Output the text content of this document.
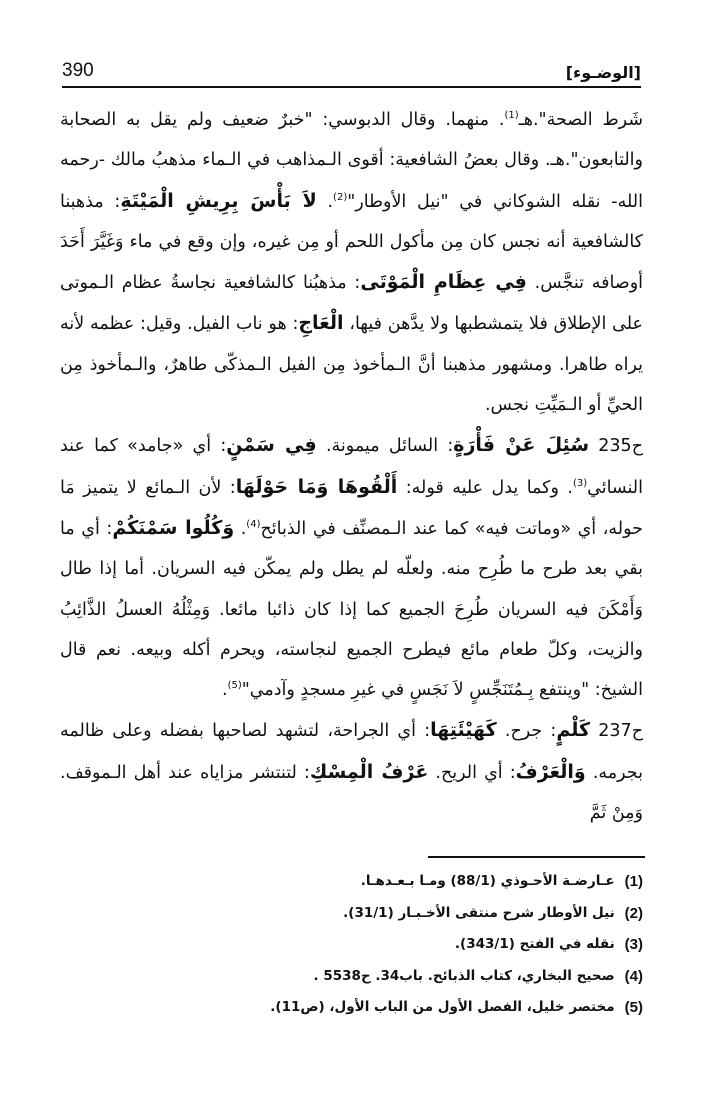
390	[الوضـوء]

شَرط الصحة".هـ$^{(1)}$. منهما. وقال الدبوسي: "خبرٌ ضعيف ولم يقل به الصحابة والتابعون".هـ. وقال بعضُ الشافعية: أقوى الـمذاهب في الـماء مذهبُ مالك -رحمه الله- نقله الشوكاني في "نيل الأوطار"$^{(2)}$. لاَ بَأْسَ بِرِيشِ الْمَيْتَةِ: مذهبنا كالشافعية أنه نجس كان مِن مأكول اللحم أو مِن غيره، وإن وقع في ماء وَغَيَّرَ أَحَدَ أوصافه تنجَّس. فِي عِظَامِ الْمَوْتَى: مذهبُنا كالشافعية نجاسةُ عظام الـموتى على الإطلاق فلا يتمشطبها ولا يدَّهن فيها، الْعَاجِ: هو ناب الفيل. وقيل: عظمه لأنه يراه طاهرا. ومشهور مذهبنا أنَّ الـمأخوذ مِن الفيل الـمذكّى طاهرٌ، والـمأخوذ مِن الحيِّ أو الـمَيِّتِ نجس.

ح235 سُئِلَ عَنْ فَأْرَةٍ: السائل ميمونة. فِي سَمْنٍ: أي «جامد» كما عند النسائي$^{(3)}$. وكما يدل عليه قوله: أَلْقُوهَا وَمَا حَوْلَهَا: لأن الـمائع لا يتميز مَا حوله، أي «وماتت فيه» كما عند الـمصنِّف في الذبائح$^{(4)}$. وَكُلُوا سَمْنَكُمْ: أي ما بقي بعد طرح ما طُرِح منه. ولعلّه لم يطل ولم يمكّن فيه السريان. أما إذا طال وَأَمْكَنَ فيه السريان طُرِحَ الجميع كما إذا كان ذائبا مائعا. وَمِثْلُهُ العسلُ الذَّائِبُ والزيت، وكلّ طعام مائع فيطرح الجميع لنجاسته، ويحرم أكله وبيعه. نعم قال الشيخ: "وينتفع بِـمُتَنَجِّسٍ لاَ نَجَسٍ في غيرِ مسجدٍ وآدمي"$^{(5)}$.

ح237 كَلْمٍ: جرح. كَهَيْئَتِهَا: أي الجراحة، لتشهد لصاحبها بفضله وعلى ظالمه بجرمه. وَالْعَرْفُ: أي الريح. عَرْفُ الْمِسْكِ: لتنتشر مزاياه عند أهل الـموقف. وَمِنْ ثَمَّ

(1)
عـارضـة الأحـوذي (88/1) ومـا بـعـدهـا.
(2)
نيل الأوطار شرح منتقى الأخـبـار (31/1).
(3)
نقله في الفتح (343/1).
(4)
صحيح البخاري، كتاب الذبائح. باب34. ح5538 .
(5)
مختصر خليل، الفصل الأول من الباب الأول، (ص11).
